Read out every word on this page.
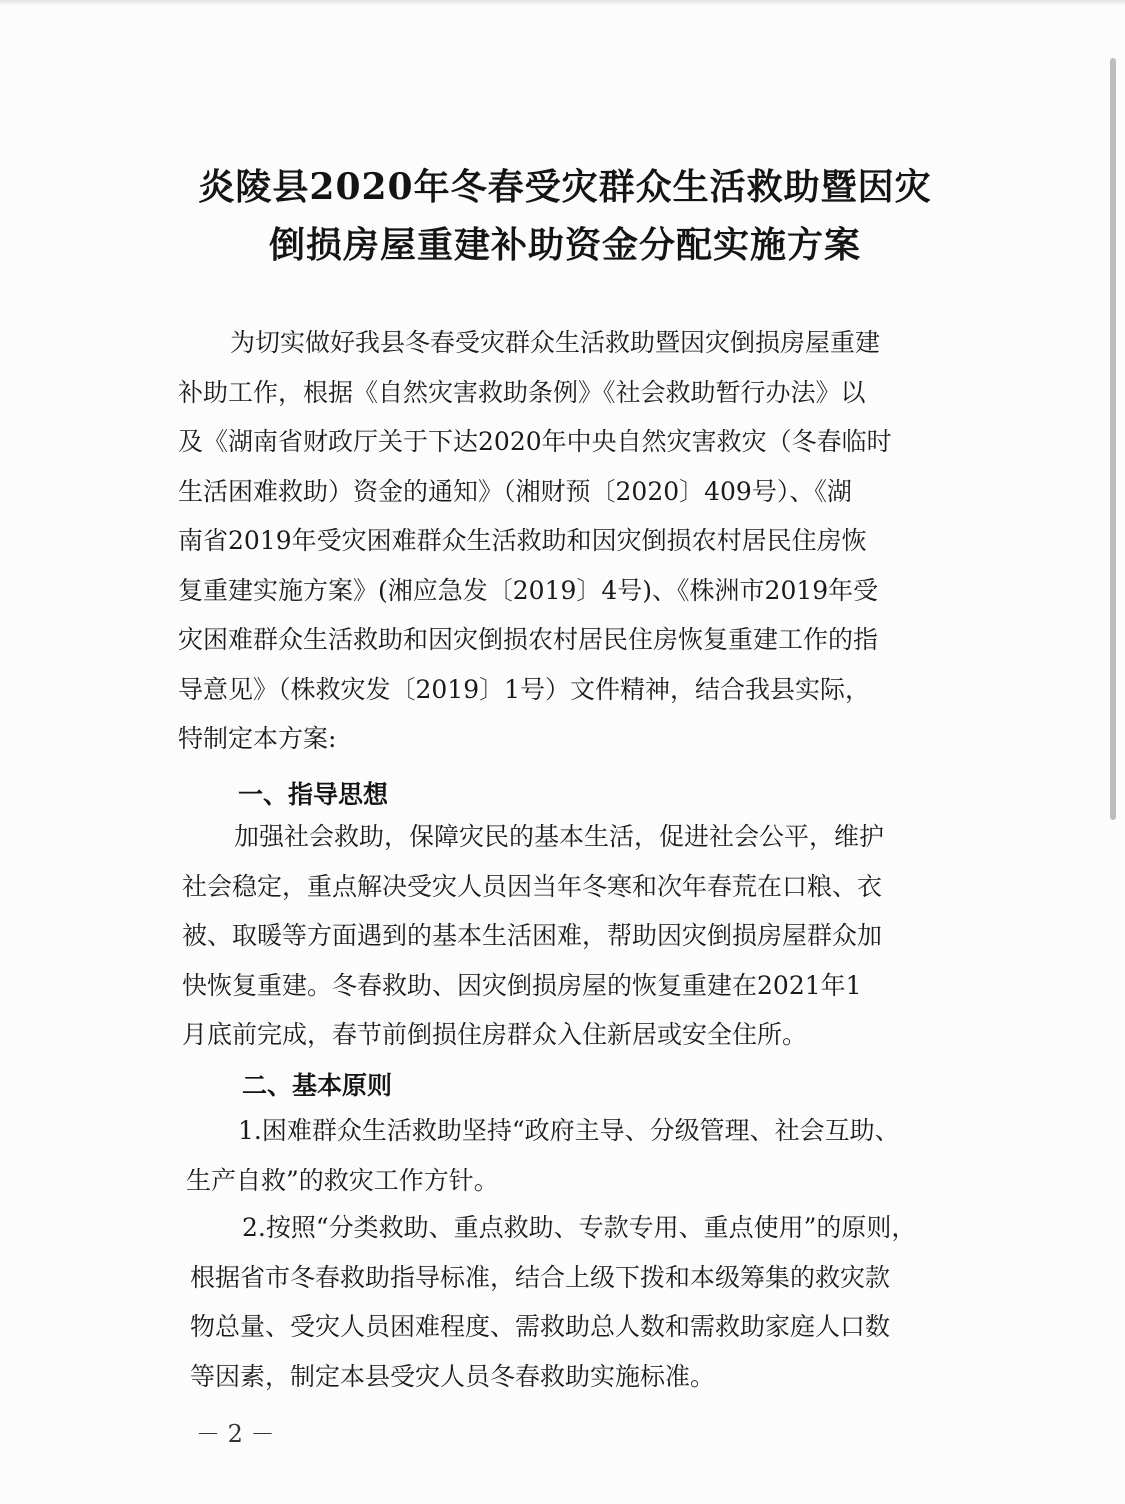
炎陵县2020年冬春受灾群众生活救助暨因灾
倒损房屋重建补助资金分配实施方案
为切实做好我县冬春受灾群众生活救助暨因灾倒损房屋重建
补助工作，根据《自然灾害救助条例》《社会救助暂行办法》以
及《湖南省财政厅关于下达2020年中央自然灾害救灾（冬春临时
生活困难救助）资金的通知》（湘财预〔2020〕409号）、《湖
南省2019年受灾困难群众生活救助和因灾倒损农村居民住房恢
复重建实施方案》(湘应急发〔2019〕4号)、《株洲市2019年受
灾困难群众生活救助和因灾倒损农村居民住房恢复重建工作的指
导意见》（株救灾发〔2019〕1号）文件精神，结合我县实际，
特制定本方案:
一、指导思想
加强社会救助，保障灾民的基本生活，促进社会公平，维护
社会稳定，重点解决受灾人员因当年冬寒和次年春荒在口粮、衣
被、取暖等方面遇到的基本生活困难，帮助因灾倒损房屋群众加
快恢复重建。冬春救助、因灾倒损房屋的恢复重建在2021年1
月底前完成，春节前倒损住房群众入住新居或安全住所。
二、基本原则
1.困难群众生活救助坚持“政府主导、分级管理、社会互助、
生产自救”的救灾工作方针。
2.按照“分类救助、重点救助、专款专用、重点使用”的原则，
根据省市冬春救助指导标准，结合上级下拨和本级筹集的救灾款
物总量、受灾人员困难程度、需救助总人数和需救助家庭人口数
等因素，制定本县受灾人员冬春救助实施标准。
－ 2 －
